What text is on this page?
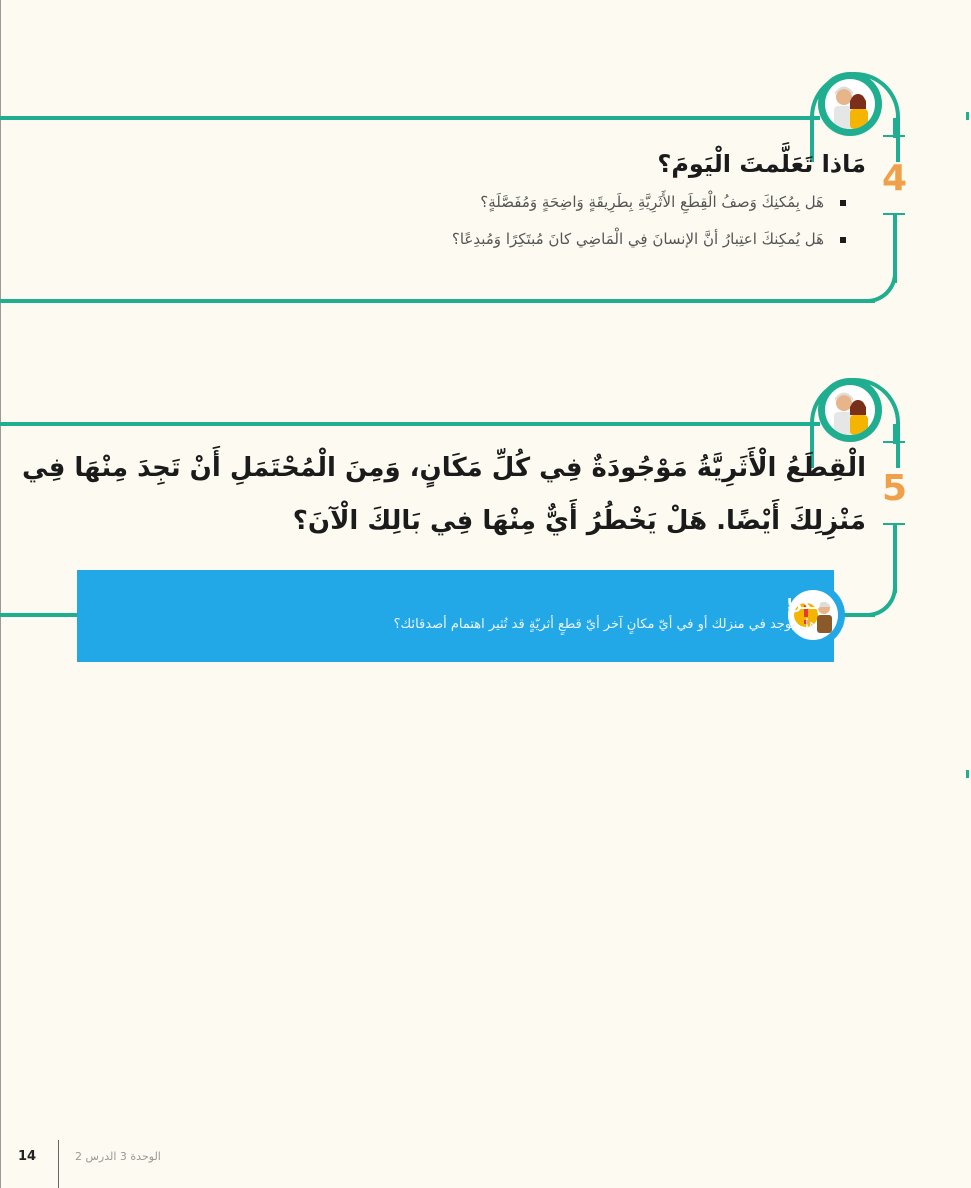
4
مَاذا تَعَلَّمتَ الْيَومَ؟
هَل بِمُكنِكَ وَصفُ الْقِطَعِ الأَثَرِيَّةِ بِطَرِيقَةٍ وَاضِحَةٍ وَمُفَصَّلَةٍ؟
هَل يُمكِنكَ اعتِبارُ أنَّ الإنسانَ فِي الْمَاضِي كانَ مُبتَكِرًا وَمُبدِعًا؟
5
الْقِطَعُ الْأَثَرِيَّةُ مَوْجُودَةٌ فِي كُلِّ مَكَانٍ، وَمِنَ الْمُحْتَمَلِ أَنْ تَجِدَ مِنْهَا فِي
مَنْزِلِكَ أَيْضًا. هَلْ يَخْطُرُ أَيٌّ مِنْهَا فِي بَالِكَ الْآنَ؟
فكِّر!
هل يوجد في منزلك أو في أيّ مكانٍ آخر أيّ قطعٍ أثريّةٍ قد تُثير اهتمام أصدقائك؟
14	الوحدة 3 الدرس 2
